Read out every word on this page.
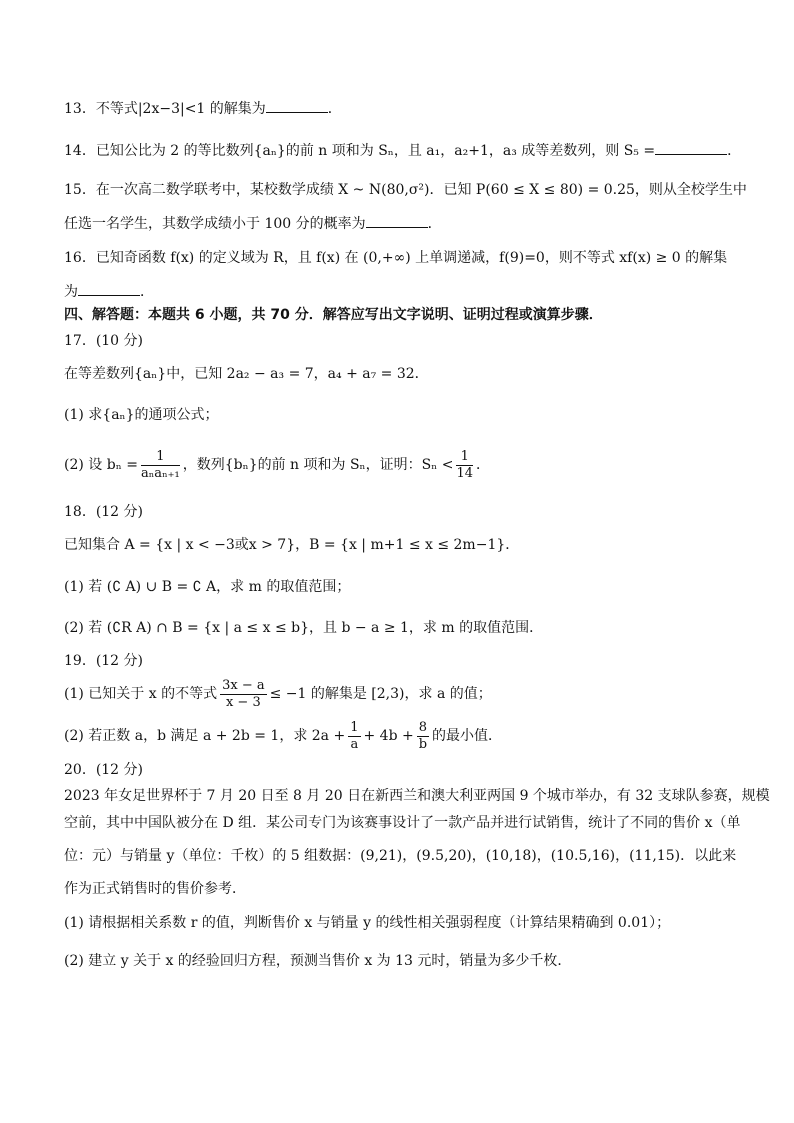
13．不等式|2x−3|<1 的解集为	．
14．已知公比为 2 的等比数列{aₙ}的前 n 项和为 Sₙ，且 a₁，a₂+1，a₃ 成等差数列，则 S₅ =	．
15．在一次高二数学联考中，某校数学成绩 X ~ N(80,σ²)．已知 P(60 ≤ X ≤ 80) = 0.25，则从全校学生中
任选一名学生，其数学成绩小于 100 分的概率为	．
16．已知奇函数 f(x) 的定义域为 R，且 f(x) 在 (0,+∞) 上单调递减，f(9)=0，则不等式 xf(x) ≥ 0 的解集
为	．
四、解答题：本题共 6 小题，共 70 分．解答应写出文字说明、证明过程或演算步骤．
17．(10 分)
在等差数列{aₙ}中，已知 2a₂ − a₃ = 7，a₄ + a₇ = 32．
(1) 求{aₙ}的通项公式；
(2) 设 $b_n = \frac{1}{\text{aₙaₙ₊₁}}$ ，数列{bₙ}的前 n 项和为 Sₙ，证明：$S_n < \frac{1}{14}$ ．
18．(12 分)
已知集合 A = {x | x < −3或x > 7}，B = {x | m+1 ≤ x ≤ 2m−1}．
(1) 若 (∁ A) ∪ B = ∁ A，求 m 的取值范围；
(2) 若 (∁R A) ∩ B = {x | a ≤ x ≤ b}，且 b − a ≥ 1，求 m 的取值范围．
19．(12 分)
(1) 已知关于 x 的不等式 $\frac{3x - a}{x - 3} \le -1$ 的解集是 [2,3)，求 a 的值；
(2) 若正数 a，b 满足 a + 2b = 1，求 $2a + \frac{1}{a} + 4b + \frac{8}{b}$ 的最小值．
20．(12 分)
2023 年女足世界杯于 7 月 20 日至 8 月 20 日在新西兰和澳大利亚两国 9 个城市举办，有 32 支球队参赛，规模
空前，其中中国队被分在 D 组．某公司专门为该赛事设计了一款产品并进行试销售，统计了不同的售价 x（单
位：元）与销量 y（单位：千枚）的 5 组数据：(9,21)，(9.5,20)，(10,18)，(10.5,16)，(11,15)．以此来
作为正式销售时的售价参考．
(1) 请根据相关系数 r 的值，判断售价 x 与销量 y 的线性相关强弱程度（计算结果精确到 0.01）；
(2) 建立 y 关于 x 的经验回归方程，预测当售价 x 为 13 元时，销量为多少千枚．
